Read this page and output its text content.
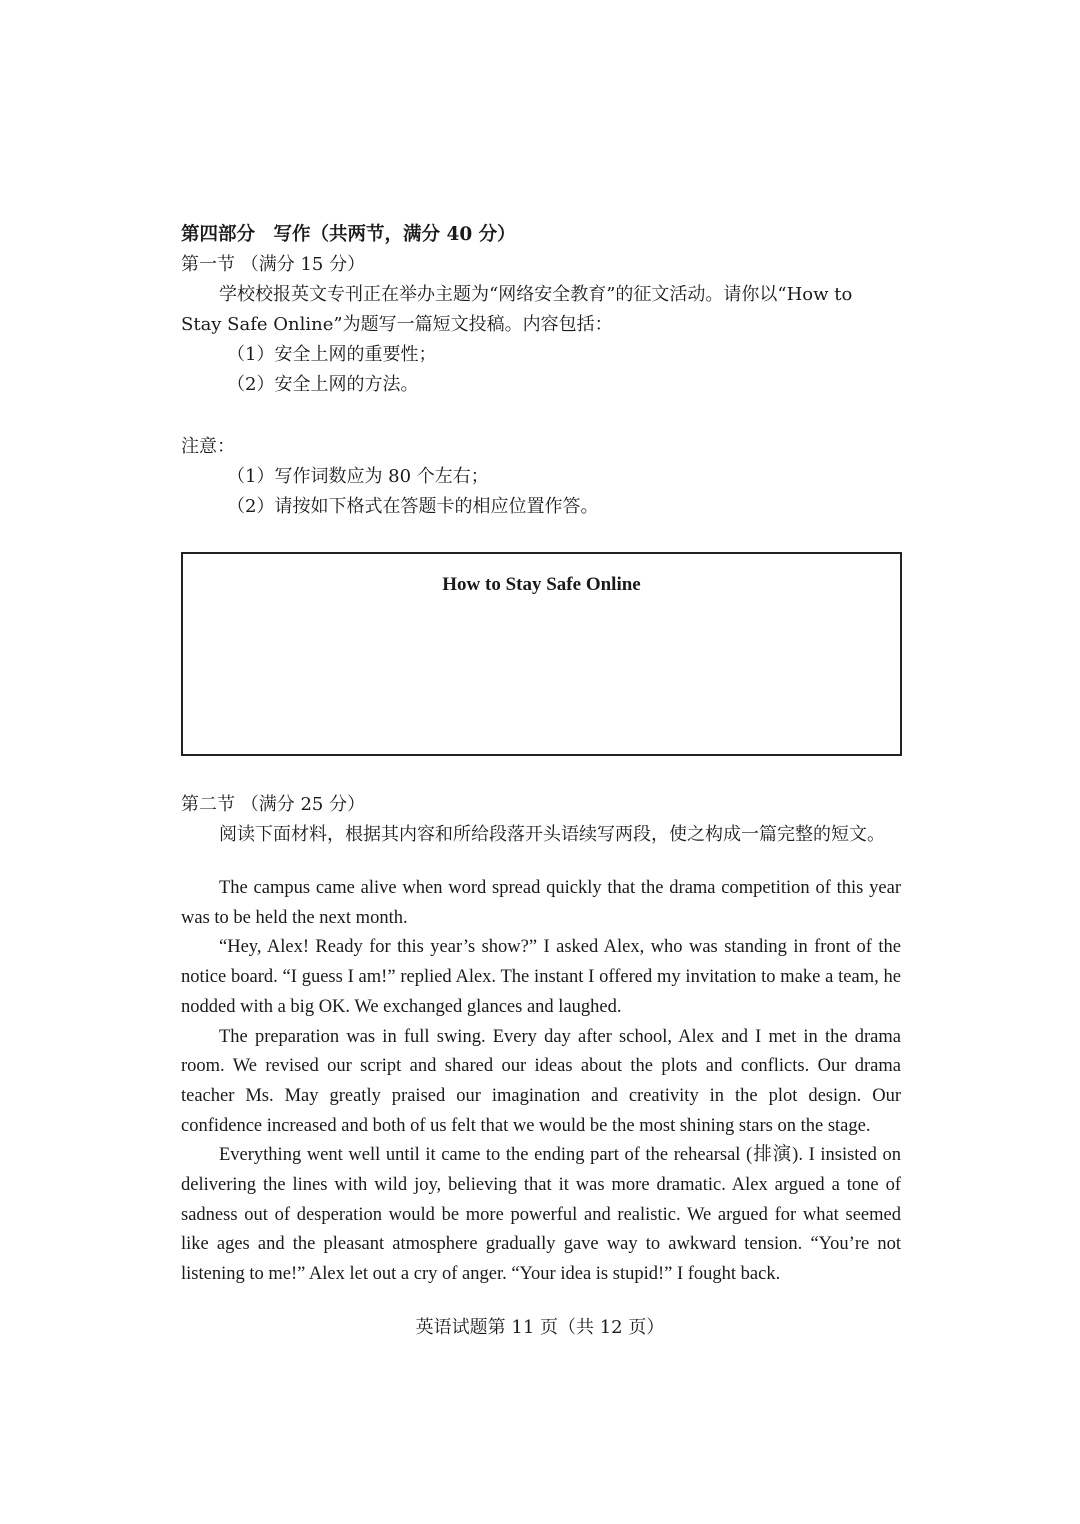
第四部分　写作（共两节，满分 40 分）
第一节 （满分 15 分）
学校校报英文专刊正在举办主题为“网络安全教育”的征文活动。请你以“How to
Stay Safe Online”为题写一篇短文投稿。内容包括：
（1）安全上网的重要性；
（2）安全上网的方法。
注意：
（1）写作词数应为 80 个左右；
（2）请按如下格式在答题卡的相应位置作答。
How to Stay Safe Online
第二节 （满分 25 分）
阅读下面材料，根据其内容和所给段落开头语续写两段，使之构成一篇完整的短文。

The campus came alive when word spread quickly that the drama competition of this year was to be held the next month.

“Hey, Alex! Ready for this year’s show?” I asked Alex, who was standing in front of the notice board. “I guess I am!” replied Alex. The instant I offered my invitation to make a team, he nodded with a big OK. We exchanged glances and laughed.

The preparation was in full swing. Every day after school, Alex and I met in the drama room. We revised our script and shared our ideas about the plots and conflicts. Our drama teacher Ms. May greatly praised our imagination and creativity in the plot design. Our confidence increased and both of us felt that we would be the most shining stars on the stage.

Everything went well until it came to the ending part of the rehearsal (排演). I insisted on delivering the lines with wild joy, believing that it was more dramatic. Alex argued a tone of sadness out of desperation would be more powerful and realistic. We argued for what seemed like ages and the pleasant atmosphere gradually gave way to awkward tension. “You’re not listening to me!” Alex let out a cry of anger. “Your idea is stupid!” I fought back.

英语试题第 11 页（共 12 页）
